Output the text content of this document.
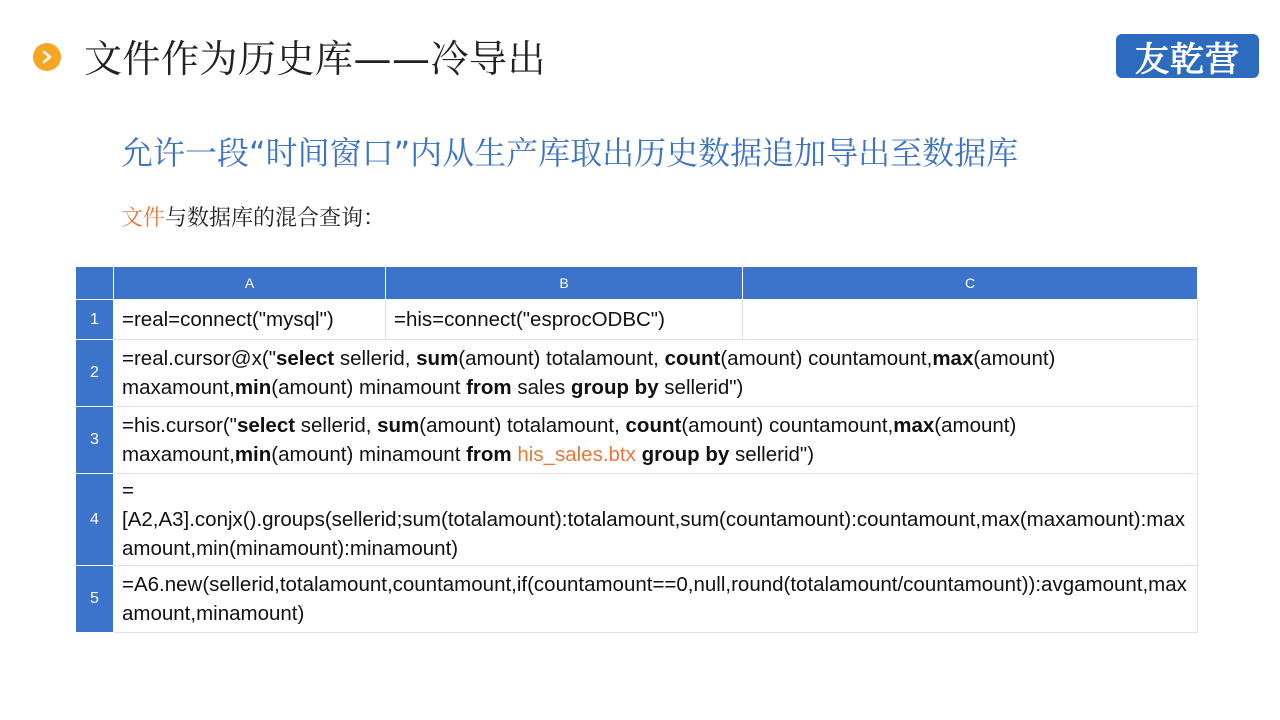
文件作为历史库——冷导出	友乾营
允许一段“时间窗口”内从生产库取出历史数据追加导出至数据库
文件与数据库的混合查询：
	A	B	C
1	=real=connect("mysql")	=his=connect("esprocODBC")	
2	=real.cursor@x("select sellerid, sum(amount) totalamount, count(amount) countamount,max(amount) maxamount,min(amount) minamount from sales group by sellerid")		
3	=his.cursor("select sellerid, sum(amount) totalamount, count(amount) countamount,max(amount) maxamount,min(amount) minamount from his_sales.btx group by sellerid")		
4	=[A2,A3].conjx().groups(sellerid;sum(totalamount):totalamount,sum(countamount):countamount,max(maxamount):maxamount,min(minamount):minamount)		
5	=A6.new(sellerid,totalamount,countamount,if(countamount==0,null,round(totalamount/countamount)):avgamount,maxamount,minamount)		
